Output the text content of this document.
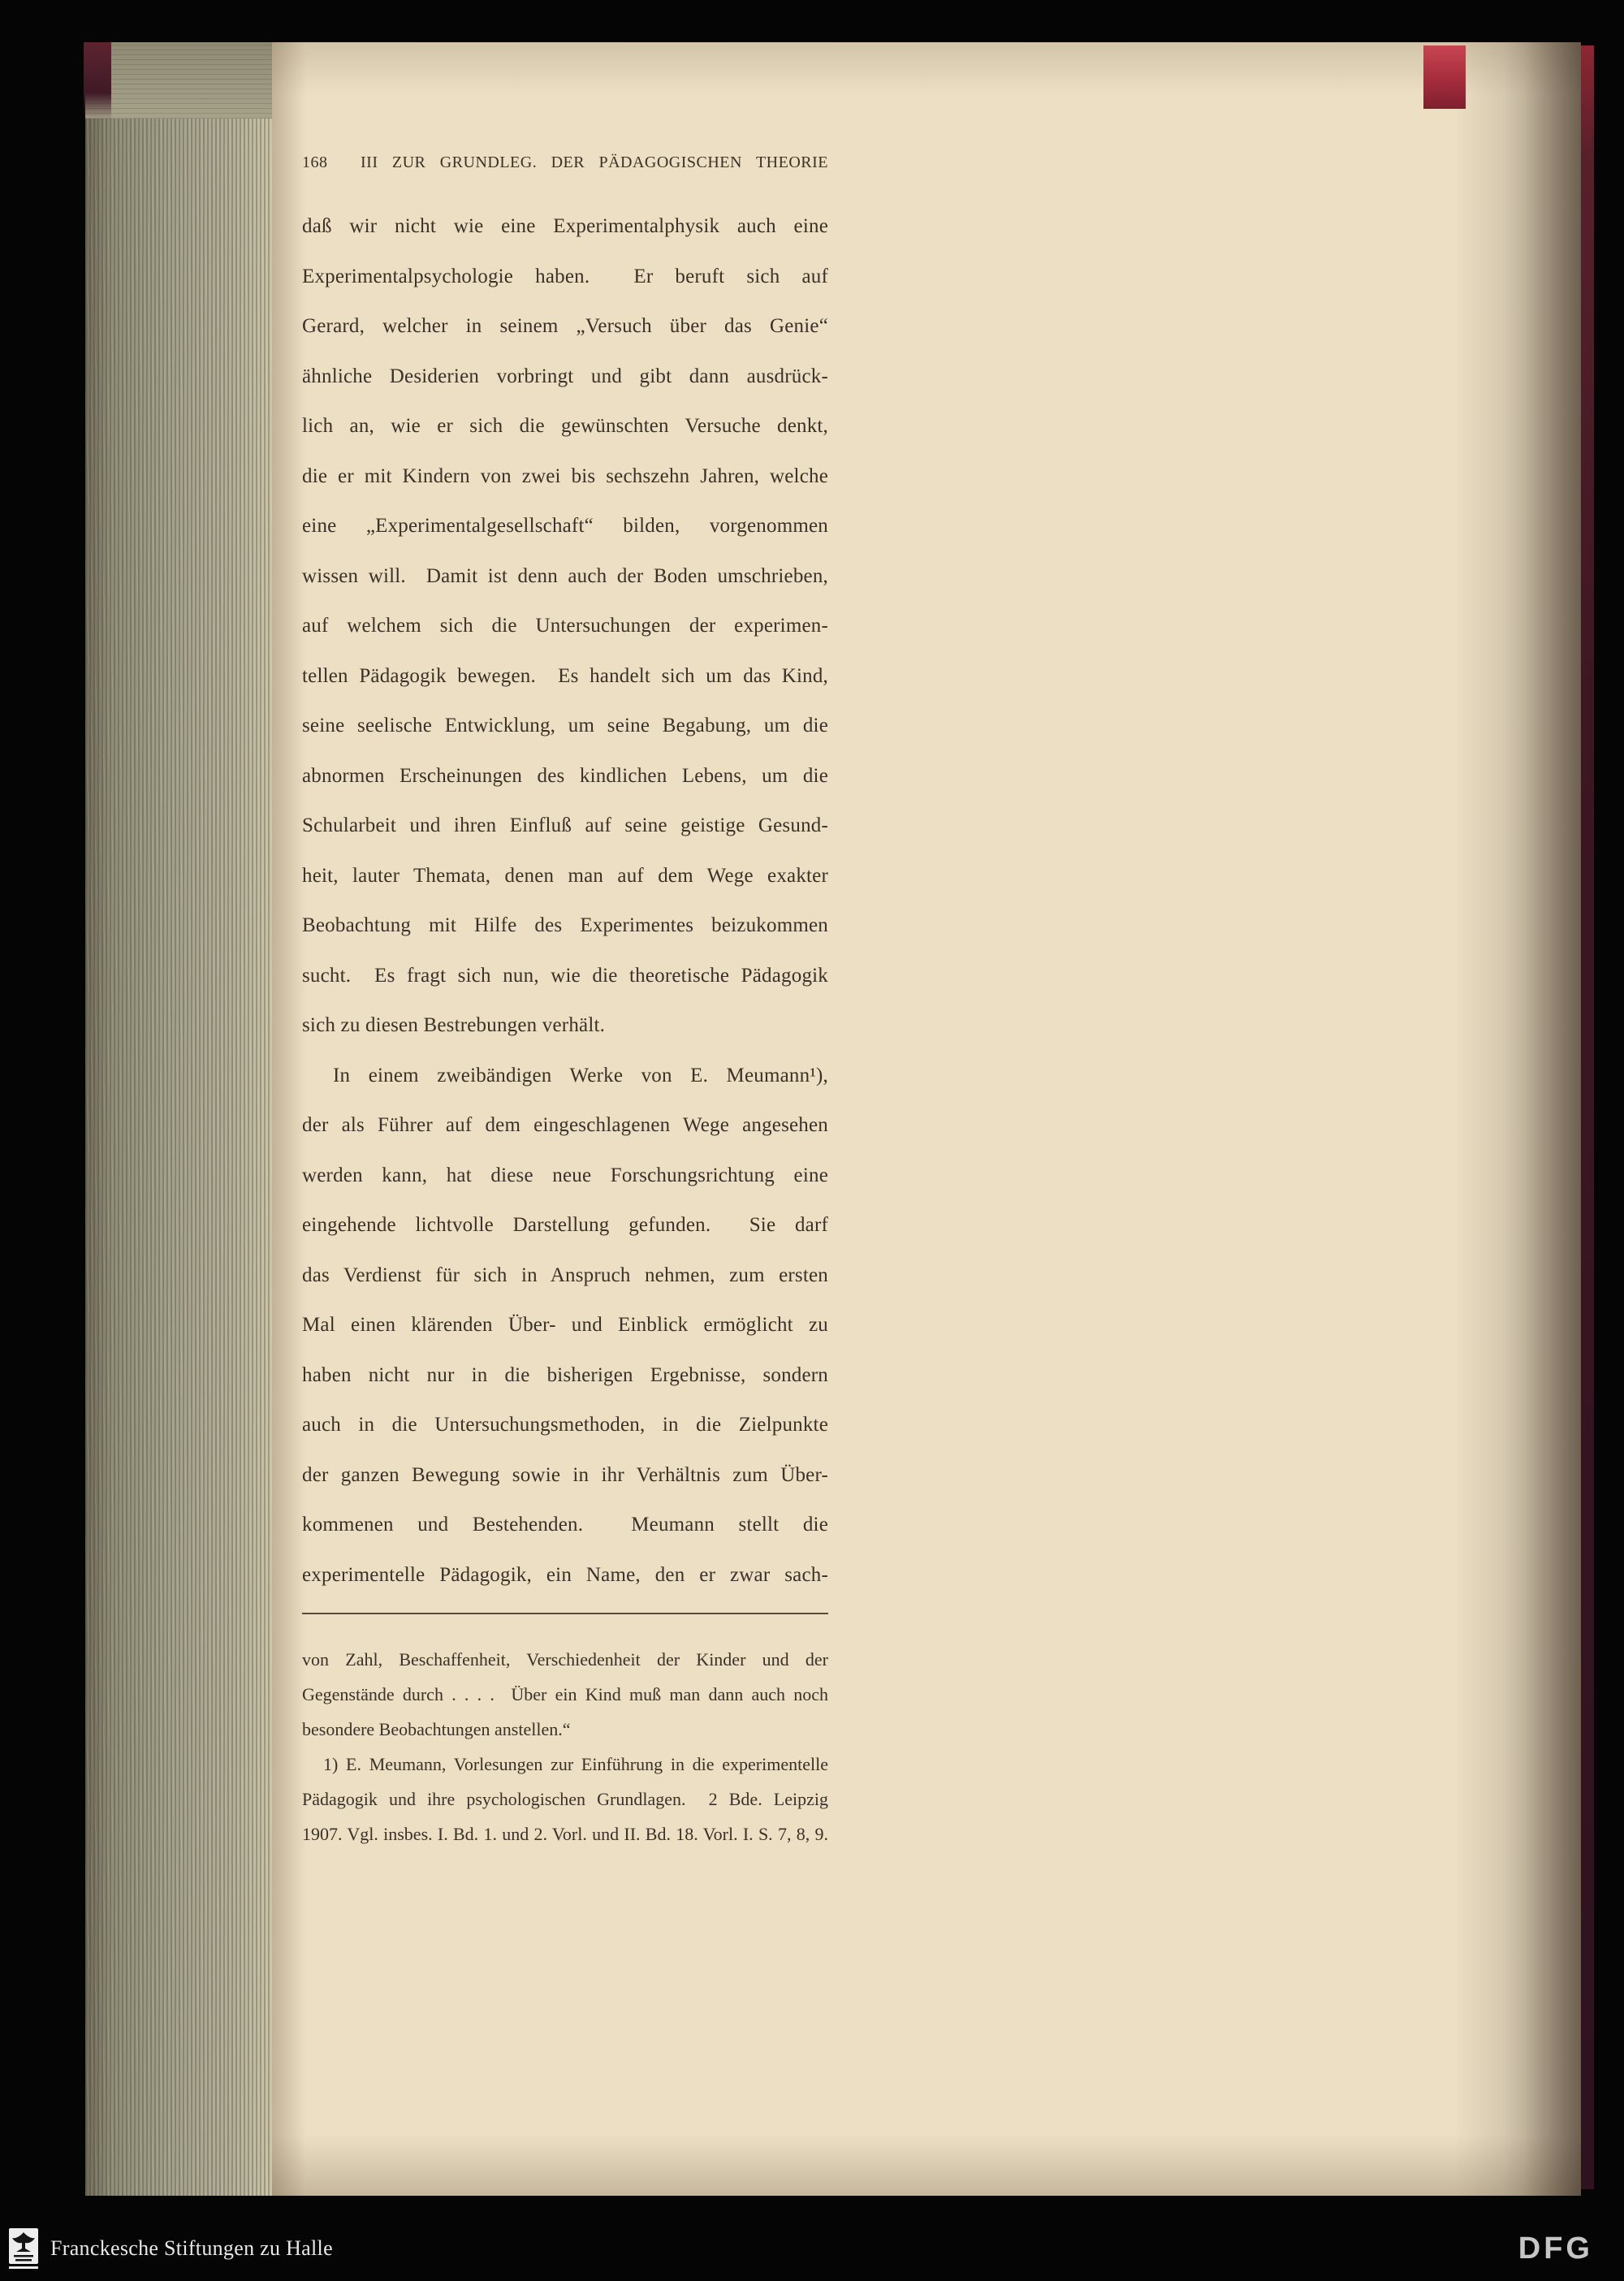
168	III ZUR GRUNDLEG. DER PÄDAGOGISCHEN THEORIE
daß wir nicht wie eine Experimentalphysik auch eine
Experimentalpsychologie haben.  Er beruft sich auf
Gerard, welcher in seinem „Versuch über das Genie“
ähnliche Desiderien vorbringt und gibt dann ausdrück-
lich an, wie er sich die gewünschten Versuche denkt,
die er mit Kindern von zwei bis sechszehn Jahren, welche
eine „Experimentalgesellschaft“ bilden, vorgenommen
wissen will.  Damit ist denn auch der Boden umschrieben,
auf welchem sich die Untersuchungen der experimen-
tellen Pädagogik bewegen.  Es handelt sich um das Kind,
seine seelische Entwicklung, um seine Begabung, um die
abnormen Erscheinungen des kindlichen Lebens, um die
Schularbeit und ihren Einfluß auf seine geistige Gesund-
heit, lauter Themata, denen man auf dem Wege exakter
Beobachtung mit Hilfe des Experimentes beizukommen
sucht.  Es fragt sich nun, wie die theoretische Pädagogik
sich zu diesen Bestrebungen verhält.
In einem zweibändigen Werke von E. Meumann¹),
der als Führer auf dem eingeschlagenen Wege angesehen
werden kann, hat diese neue Forschungsrichtung eine
eingehende lichtvolle Darstellung gefunden.  Sie darf
das Verdienst für sich in Anspruch nehmen, zum ersten
Mal einen klärenden Über- und Einblick ermöglicht zu
haben nicht nur in die bisherigen Ergebnisse, sondern
auch in die Untersuchungsmethoden, in die Zielpunkte
der ganzen Bewegung sowie in ihr Verhältnis zum Über-
kommenen und Bestehenden.  Meumann stellt die
experimentelle Pädagogik, ein Name, den er zwar sach-
von Zahl, Beschaffenheit, Verschiedenheit der Kinder und der
Gegenstände durch . . . .  Über ein Kind muß man dann auch noch
besondere Beobachtungen anstellen.“
1) E. Meumann, Vorlesungen zur Einführung in die experimentelle
Pädagogik und ihre psychologischen Grundlagen.  2 Bde. Leipzig
1907. Vgl. insbes. I. Bd. 1. und 2. Vorl. und II. Bd. 18. Vorl. I. S. 7, 8, 9.
Franckesche Stiftungen zu Halle	DFG
